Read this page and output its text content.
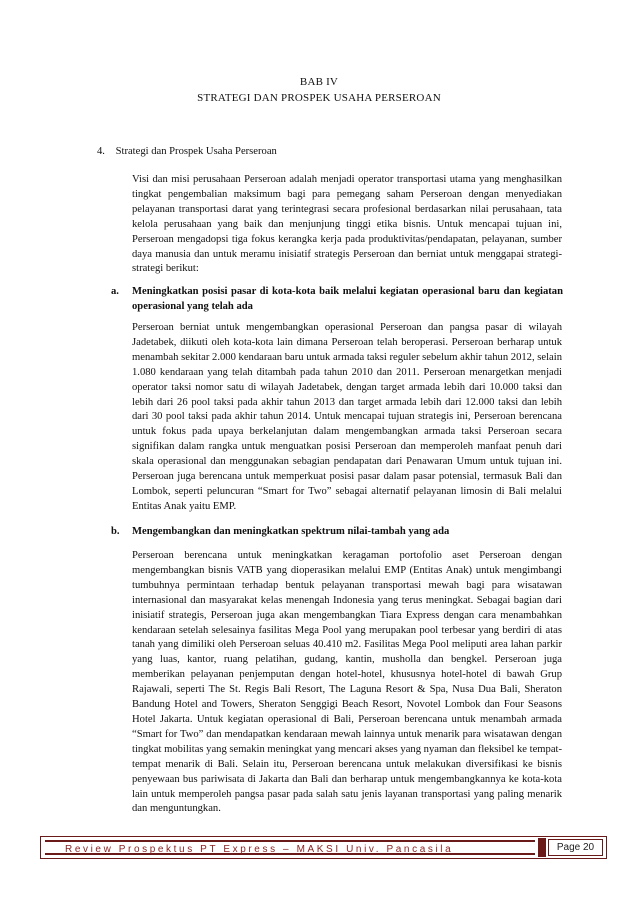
BAB IV
STRATEGI DAN PROSPEK USAHA PERSEROAN
4. Strategi dan Prospek Usaha Perseroan

Visi dan misi perusahaan Perseroan adalah menjadi operator transportasi utama yang menghasilkan tingkat pengembalian maksimum bagi para pemegang saham Perseroan dengan menyediakan pelayanan transportasi darat yang terintegrasi secara profesional berdasarkan nilai perusahaan, tata kelola perusahaan yang baik dan menjunjung tinggi etika bisnis. Untuk mencapai tujuan ini, Perseroan mengadopsi tiga fokus kerangka kerja pada produktivitas/pendapatan, pelayanan, sumber daya manusia dan untuk meramu inisiatif strategis Perseroan dan berniat untuk menggapai strategi-strategi berikut:

a. Meningkatkan posisi pasar di kota-kota baik melalui kegiatan operasional baru dan kegiatan operasional yang telah ada

Perseroan berniat untuk mengembangkan operasional Perseroan dan pangsa pasar di wilayah Jadetabek, diikuti oleh kota-kota lain dimana Perseroan telah beroperasi. Perseroan berharap untuk menambah sekitar 2.000 kendaraan baru untuk armada taksi reguler sebelum akhir tahun 2012, selain 1.080 kendaraan yang telah ditambah pada tahun 2010 dan 2011. Perseroan menargetkan menjadi operator taksi nomor satu di wilayah Jadetabek, dengan target armada lebih dari 10.000 taksi dan lebih dari 26 pool taksi pada akhir tahun 2013 dan target armada lebih dari 12.000 taksi dan lebih dari 30 pool taksi pada akhir tahun 2014. Untuk mencapai tujuan strategis ini, Perseroan berencana untuk fokus pada upaya berkelanjutan dalam mengembangkan armada taksi Perseroan secara signifikan dalam rangka untuk menguatkan posisi Perseroan dan memperoleh manfaat penuh dari skala operasional dan menggunakan sebagian pendapatan dari Penawaran Umum untuk tujuan ini. Perseroan juga berencana untuk memperkuat posisi pasar dalam pasar potensial, termasuk Bali dan Lombok, seperti peluncuran “Smart for Two” sebagai alternatif pelayanan limosin di Bali melalui Entitas Anak yaitu EMP.

b. Mengembangkan dan meningkatkan spektrum nilai-tambah yang ada

Perseroan berencana untuk meningkatkan keragaman portofolio aset Perseroan dengan mengembangkan bisnis VATB yang dioperasikan melalui EMP (Entitas Anak) untuk mengimbangi tumbuhnya permintaan terhadap bentuk pelayanan transportasi mewah bagi para wisatawan internasional dan masyarakat kelas menengah Indonesia yang terus meningkat. Sebagai bagian dari inisiatif strategis, Perseroan juga akan mengembangkan Tiara Express dengan cara menambahkan kendaraan setelah selesainya fasilitas Mega Pool yang merupakan pool terbesar yang berdiri di atas tanah yang dimiliki oleh Perseroan seluas 40.410 m2. Fasilitas Mega Pool meliputi area lahan parkir yang luas, kantor, ruang pelatihan, gudang, kantin, musholla dan bengkel. Perseroan juga memberikan pelayanan penjemputan dengan hotel-hotel, khususnya hotel-hotel di bawah Grup Rajawali, seperti The St. Regis Bali Resort, The Laguna Resort & Spa, Nusa Dua Bali, Sheraton Bandung Hotel and Towers, Sheraton Senggigi Beach Resort, Novotel Lombok dan Four Seasons Hotel Jakarta. Untuk kegiatan operasional di Bali, Perseroan berencana untuk menambah armada “Smart for Two” dan mendapatkan kendaraan mewah lainnya untuk menarik para wisatawan dengan tingkat mobilitas yang semakin meningkat yang mencari akses yang nyaman dan fleksibel ke tempat-tempat menarik di Bali. Selain itu, Perseroan berencana untuk melakukan diversifikasi ke bisnis penyewaan bus pariwisata di Jakarta dan Bali dan berharap untuk mengembangkannya ke kota-kota lain untuk memperoleh pangsa pasar pada salah satu jenis layanan transportasi yang paling menarik dan menguntungkan.

Review Prospektus PT Express – MAKSI Univ. Pancasila	Page 20
